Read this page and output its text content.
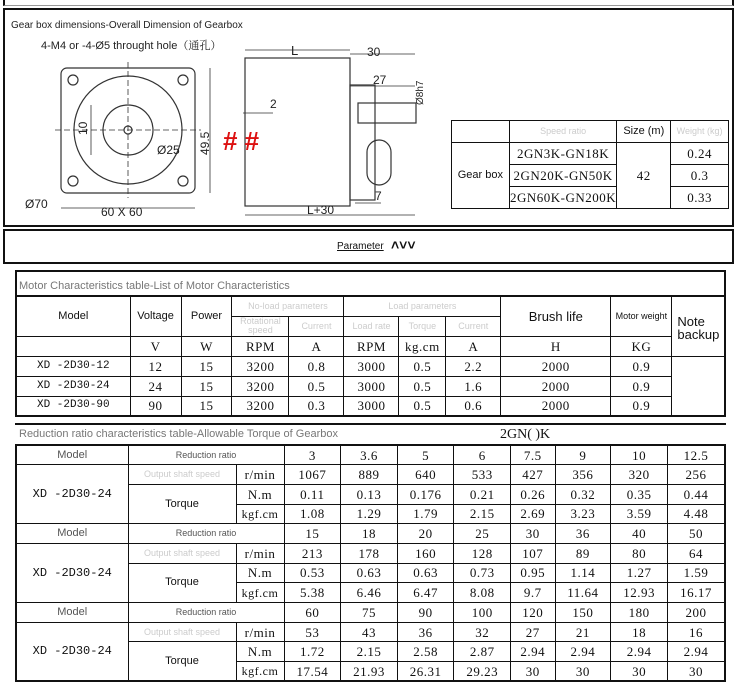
Gear box dimensions-Overall Dimension of Gearbox
4-M4 or -4-Ø5 throught hole（通孔）	L	30
27
Ø8h7
2
10
49.5
Ø25
Ø70
60 X 60
7
L+30
# #
		Speed ratio	Size (m)	Weight (kg)
Gear box	2GN3K-GN18K	42	0.24
	2GN20K-GN50K		0.3
	2GN60K-GN200K		0.33
Parameter ˄˅˅
Motor Characteristics table-List of Motor Characteristics
Model	Voltage	Power	No-load parameters		Load parameters			Brush life	Motor weight	Note backup
			Rotational speed	Current	Load rate	Torque	Current			
	V	W	RPM	A	RPM	kg.cm	A	H	KG	
XD -2D30-12	12	15	3200	0.8	3000	0.5	2.2	2000	0.9	
XD -2D30-24	24	15	3200	0.5	3000	0.5	1.6	2000	0.9	
XD -2D30-90	90	15	3200	0.3	3000	0.5	0.6	2000	0.9	
Reduction ratio characteristics table-Allowable Torque of Gearbox	2GN( )K
Model	Reduction ratio		3	3.6	5	6	7.5	9	10	12.5
XD -2D30-24	Output shaft speed	r/min	1067	889	640	533	427	356	320	256
	Torque	N.m	0.11	0.13	0.176	0.21	0.26	0.32	0.35	0.44
		kgf.cm	1.08	1.29	1.79	2.15	2.69	3.23	3.59	4.48
Model	Reduction ratio		15	18	20	25	30	36	40	50
XD -2D30-24	Output shaft speed	r/min	213	178	160	128	107	89	80	64
	Torque	N.m	0.53	0.63	0.63	0.73	0.95	1.14	1.27	1.59
		kgf.cm	5.38	6.46	6.47	8.08	9.7	11.64	12.93	16.17
Model	Reduction ratio		60	75	90	100	120	150	180	200
XD -2D30-24	Output shaft speed	r/min	53	43	36	32	27	21	18	16
	Torque	N.m	1.72	2.15	2.58	2.87	2.94	2.94	2.94	2.94
		kgf.cm	17.54	21.93	26.31	29.23	30	30	30	30
